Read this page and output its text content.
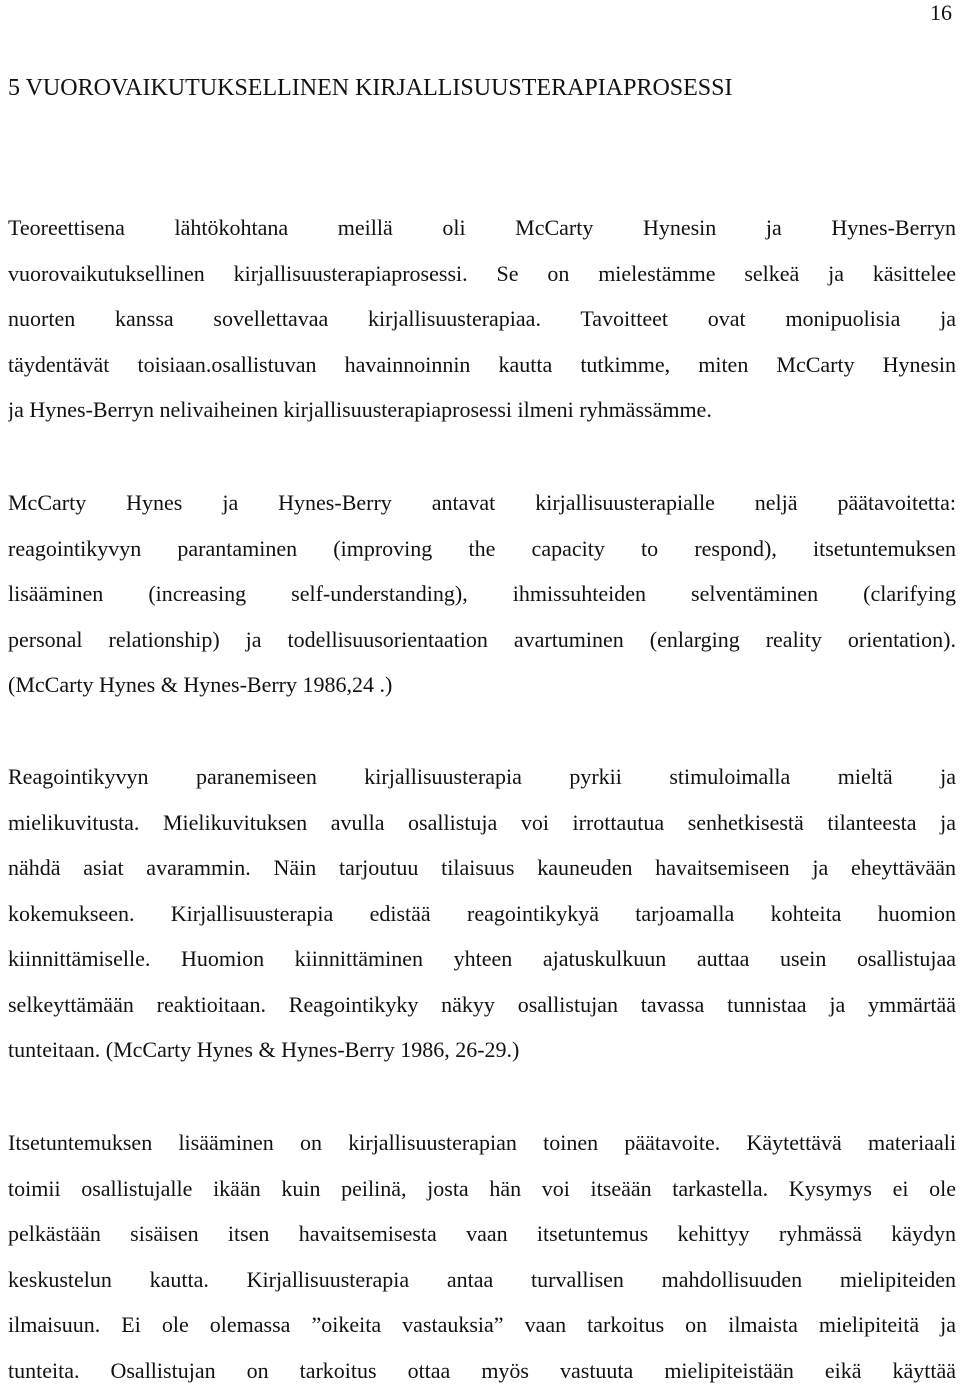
16
5 VUOROVAIKUTUKSELLINEN KIRJALLISUUSTERAPIAPROSESSI
Teoreettisena lähtökohtana meillä oli McCarty Hynesin ja Hynes-Berryn
vuorovaikutuksellinen kirjallisuusterapiaprosessi. Se on mielestämme selkeä ja käsittelee
nuorten kanssa sovellettavaa kirjallisuusterapiaa. Tavoitteet ovat monipuolisia ja
täydentävät toisiaan.osallistuvan havainnoinnin kautta tutkimme, miten McCarty Hynesin
ja Hynes-Berryn nelivaiheinen kirjallisuusterapiaprosessi ilmeni ryhmässämme.
McCarty Hynes ja Hynes-Berry antavat kirjallisuusterapialle neljä päätavoitetta:
reagointikyvyn parantaminen (improving the capacity to respond), itsetuntemuksen
lisääminen (increasing self-understanding), ihmissuhteiden selventäminen (clarifying
personal relationship) ja todellisuusorientaation avartuminen (enlarging reality orientation).
(McCarty Hynes & Hynes-Berry 1986,24 .)
Reagointikyvyn paranemiseen kirjallisuusterapia pyrkii stimuloimalla mieltä ja
mielikuvitusta. Mielikuvituksen avulla osallistuja voi irrottautua senhetkisestä tilanteesta ja
nähdä asiat avarammin. Näin tarjoutuu tilaisuus kauneuden havaitsemiseen ja eheyttävään
kokemukseen. Kirjallisuusterapia edistää reagointikykyä tarjoamalla kohteita huomion
kiinnittämiselle. Huomion kiinnittäminen yhteen ajatuskulkuun auttaa usein osallistujaa
selkeyttämään reaktioitaan. Reagointikyky näkyy osallistujan tavassa tunnistaa ja ymmärtää
tunteitaan. (McCarty Hynes & Hynes-Berry 1986, 26-29.)
Itsetuntemuksen lisääminen on kirjallisuusterapian toinen päätavoite. Käytettävä materiaali
toimii osallistujalle ikään kuin peilinä, josta hän voi itseään tarkastella. Kysymys ei ole
pelkästään sisäisen itsen havaitsemisesta vaan itsetuntemus kehittyy ryhmässä käydyn
keskustelun kautta. Kirjallisuusterapia antaa turvallisen mahdollisuuden mielipiteiden
ilmaisuun. Ei ole olemassa ”oikeita vastauksia” vaan tarkoitus on ilmaista mielipiteitä ja
tunteita. Osallistujan on tarkoitus ottaa myös vastuuta mielipiteistään eikä käyttää
